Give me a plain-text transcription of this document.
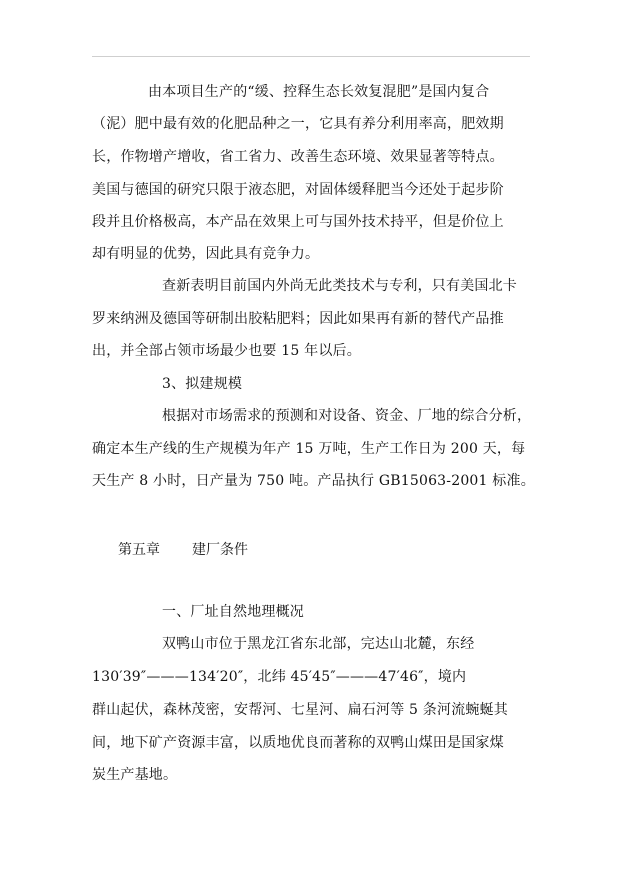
由本项目生产的“缓、控释生态长效复混肥”是国内复合
（泥）肥中最有效的化肥品种之一，它具有养分利用率高，肥效期
长，作物增产增收，省工省力、改善生态环境、效果显著等特点。
美国与德国的研究只限于液态肥，对固体缓释肥当今还处于起步阶
段并且价格极高，本产品在效果上可与国外技术持平，但是价位上
却有明显的优势，因此具有竞争力。
查新表明目前国内外尚无此类技术与专利，只有美国北卡
罗来纳洲及德国等研制出胶粘肥料；因此如果再有新的替代产品推
出，并全部占领市场最少也要 15 年以后。
3、拟建规模
根据对市场需求的预测和对设备、资金、厂地的综合分析，
确定本生产线的生产规模为年产 15 万吨，生产工作日为 200 天，每
天生产 8 小时，日产量为 750 吨。产品执行 GB15063-2001 标准。
第五章 建厂条件
一、厂址自然地理概况
双鸭山市位于黑龙江省东北部，完达山北麓，东经
130′39″———134′20″，北纬 45′45″———47′46″，境内
群山起伏，森林茂密，安帮河、七星河、扁石河等 5 条河流蜿蜒其
间，地下矿产资源丰富，以质地优良而著称的双鸭山煤田是国家煤
炭生产基地。
